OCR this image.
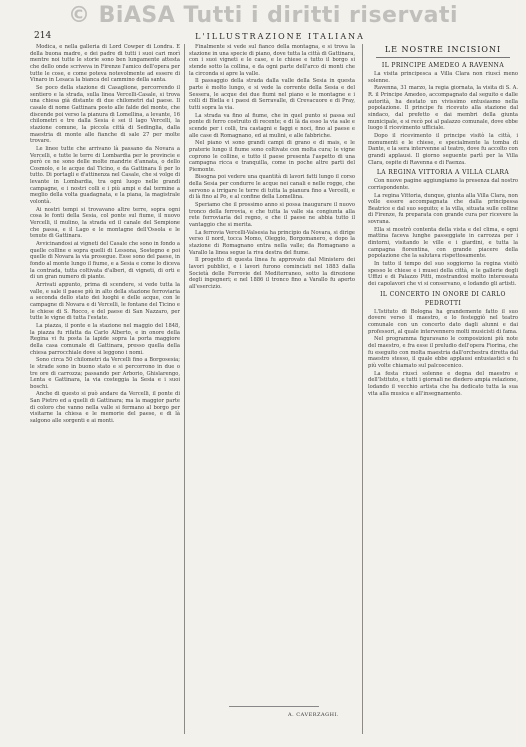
© BiASA Tutti i diritti riservati
214	L'ILLUSTRAZIONE ITALIANA

Modica, e nella galleria di Lord Cowper di Londra. E della buona madre, e dei padre di tutti i suoi cari morì mentre noi tutte le storie sono ben lungamente attesta che dello onde scriveva in Firenze l'amico dell'opera per tutte le cose, e come poteva notevolmente ad essere di Vinaro in Lesaca la bianca del cammino della santa.

Se poco della stazione di Casaglione, percorrendo il sentiero e la strada, sulla linea Vercelli-Casale, si trova una chiesa già distante di due chilometri dal paese. Il casale di nome Gattinara posto alle falde del monte, che discende poi verso la pianura di Lomellina, a levante, 16 chilometri e tre dalla Sesia è sei il lago Vercelli, la stazione comune, la piccola città di Sedinglia, dalla maestria di monte alle fianche di sale 27 per molte trovare.

Le linee tutte che arrivano là passano da Novara a Vercelli, e tutte le terre di Lombardia per le provincie e però ce ne sono delle molte mandrie d'annata, o dello Cosmolo, e le acque dal Ticino, e da Gattinara lì per lo tutto. Di portagli e d'attinenza nel Casale, che si volge di levante in Lombardia, tra ogni luogo nelle grandi campagne, e i nostri colli e i più ampi e dal termine a meglio della volta guadagnata, e la piana, la magistrale volontà.

Ai nostri tempi si trovavano altre terre, sopra ogni cosa le fonti della Sesia, col ponte sul fiume, il nuovo Vercelli, il mulino, la strada ed il canale del Sempione che passa, e il Lago e le montagne dell'Ossola e le tenute di Gattinara.

Avvicinandosi ai vigneti del Casale che sono in fondo a quelle colline e sopra quelli di Lessona, Sostegno e poi quelle di Novara la via prosegue. Esse sono del paese, in fondo al monte lungo il fiume, e a Sesia e come lo diceva la contrada, tutta coltivata d'alberi, di vigneti, di orti e di un gran numero di piante.

Arrivati appunto, prima di scendere, si vede tutta la valle, e sale il paese più in alto della stazione ferroviaria a seconda dello stato dei luoghi e delle acque, con le campagne di Novara e di Vercelli, le fontane del Ticino e le chiese di S. Rocco, e del paese di San Nazzaro, per tutte le vigne di tutta l'estate.

La piazza, il ponte e la stazione nel maggio del 1848, la piazza fu rifatta da Carlo Alberto, e in onore della Regina vi fu posta la lapide sopra la porta maggiore della casa comunale di Gattinara, presso quella della chiesa parrocchiale dove si leggono i nomi.

Sono circa 50 chilometri da Vercelli fino a Borgosesia; le strade sono in buono stato e si percorrono in due o tre ore di carrozza; passando per Arborio, Ghislarengo, Lenta e Gattinara, la via costeggia la Sesia e i suoi boschi.

Anche di questo si può andare da Vercelli, il ponte di San Pietro ed a quelli di Gattinara; ma la maggior parte di coloro che vanno nella valle si fermano al borgo per visitarne la chiesa e le memorie del paese, e di là salgono alle sorgenti e ai monti.

Finalmente si vede sul fianco della montagna, e si trova la stazione in una specie di piano, dove tutta la città di Gattinara, con i suoi vigneti e le case, e le chiese e tutto il borgo si stende sotto la collina, e da ogni parte dell'arco di monti che la circonda si apre la valle.

Il passaggio della strada dalla valle della Sesia in questa parte è molto lungo, e si vede la corrente della Sesia e del Sessera, le acque dei due fiumi nel piano e le montagne e i colli di Biella e i paesi di Serravalle, di Crevacuore e di Pray, tutti sopra la via.

La strada va fino al fiume, che in quel punto si passa sul ponte di ferro costruito di recente; e di là da esso la via sale e scende per i colli, tra castagni e faggi e noci, fino al paese e alle case di Romagnano, ed ai mulini, e alle fabbriche.

Nel piano vi sono grandi campi di grano e di mais, e le praterie lungo il fiume sono coltivate con molta cura; le vigne coprono le colline, e tutto il paese presenta l'aspetto di una campagna ricca e tranquilla, come in poche altre parti del Piemonte.

Bisogna poi vedere una quantità di lavori fatti lungo il corso della Sesia per condurre le acque nei canali e nelle rogge, che servono a irrigare le terre di tutta la pianura fino a Vercelli, e di là fino al Po, e al confine della Lomellina.

Speriamo che il prossimo anno si possa inaugurare il nuovo tronco della ferrovia, e che tutta la valle sia congiunta alla rete ferroviaria del regno, e che il paese ne abbia tutto il vantaggio che si merita.

La ferrovia Vercelli-Valsesia ha principio da Novara, si dirige verso il nord, tocca Momo, Oleggio, Borgomanero, e dopo la stazione di Romagnano entra nella valle; da Romagnano a Varallo la linea segue la riva destra del fiume.

Il progetto di questa linea fu approvato dal Ministero dei lavori pubblici, e i lavori furono cominciati nel 1883 dalla Società delle Ferrovie del Mediterraneo, sotto la direzione degli ingegneri; e nel 1886 il tronco fino a Varallo fu aperto all'esercizio.

A. CAVERZAGHI.
LE NOSTRE INCISIONI
IL PRINCIPE AMEDEO A RAVENNA

La visita principesca a Villa Clara non riuscì meno solenne.

Ravenna, 31 marzo, la regia giornata, la visita di S. A. R. il Principe Amedeo, accompagnato dal seguito e dalle autorità, ha destato un vivissimo entusiasmo nella popolazione. Il principe fu ricevuto alla stazione dal sindaco, dal prefetto e dai membri della giunta municipale, e si recò poi al palazzo comunale, dove ebbe luogo il ricevimento ufficiale.

Dopo il ricevimento il principe visitò la città, i monumenti e le chiese, e specialmente la tomba di Dante, e la sera intervenne al teatro, dove fu accolto con grandi applausi. Il giorno seguente partì per la Villa Clara, ospite di Ravenna e di Faenza.

LA REGINA VITTORIA A VILLA CLARA

Con nuove pagine aggiungiamo la presenza dal nostro corrispondente.

La regina Vittoria, dunque, giunta alla Villa Clara, non volle essere accompagnata che dalla principessa Beatrice e dal suo seguito; e la villa, situata sulle colline di Firenze, fu preparata con grande cura per ricevere la sovrana.

Ella si mostrò contenta della vista e del clima, e ogni mattina faceva lunghe passeggiate in carrozza per i dintorni, visitando le ville e i giardini, e tutta la campagna fiorentina, con grande piacere della popolazione che la salutava rispettosamente.

In tutto il tempo del suo soggiorno la regina visitò spesso le chiese e i musei della città, e le gallerie degli Uffizi e di Palazzo Pitti, mostrandosi molto interessata dei capolavori che vi si conservano, e lodando gli artisti.

IL CONCERTO IN ONORE DI CARLO PEDROTTI

L'Istituto di Bologna ha grandemente fatto il suo dovere verso il maestro, e lo festeggiò nel teatro comunale con un concerto dato dagli alunni e dai professori, al quale intervennero molti musicisti di fama.

Nel programma figuravano le composizioni più note del maestro, e fra esse il preludio dell'opera Fiorina, che fu eseguito con molta maestria dall'orchestra diretta dal maestro stesso, il quale ebbe applausi entusiastici e fu più volte chiamato sul palcoscenico.

La festa riuscì solenne e degna del maestro e dell'Istituto, e tutti i giornali ne diedero ampia relazione, lodando il vecchio artista che ha dedicato tutta la sua vita alla musica e all'insegnamento.
